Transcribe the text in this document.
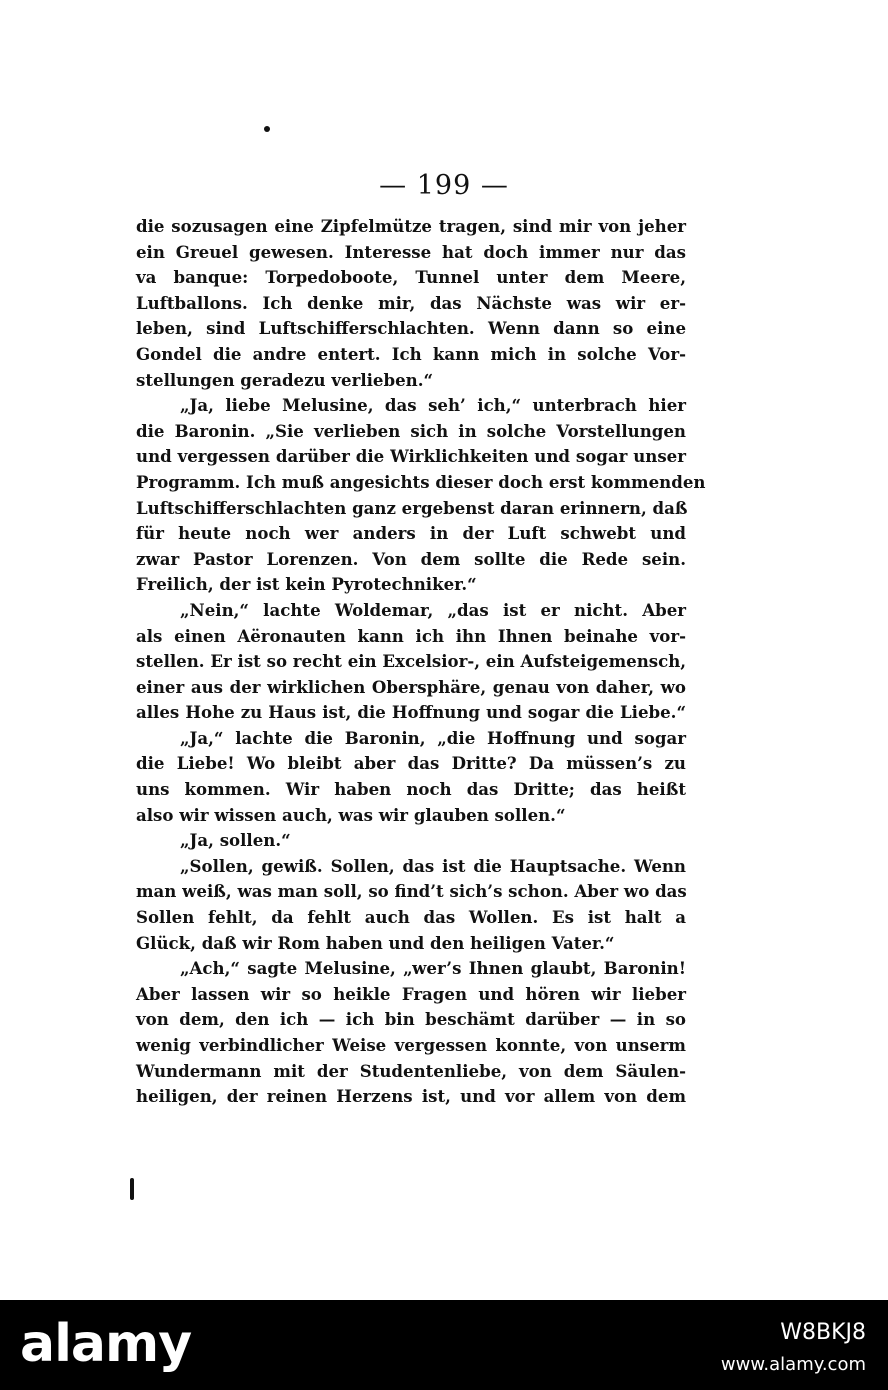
— 199 —
die sozusagen eine Zipfelmütze tragen, sind mir von jeher
ein Greuel gewesen. Interesse hat doch immer nur das
va banque: Torpedoboote, Tunnel unter dem Meere,
Luftballons. Ich denke mir, das Nächste was wir er-
leben, sind Luftschifferschlachten. Wenn dann so eine
Gondel die andre entert. Ich kann mich in solche Vor-
stellungen geradezu verlieben.“
„Ja, liebe Melusine, das seh’ ich,“ unterbrach hier
die Baronin. „Sie verlieben sich in solche Vorstellungen
und vergessen darüber die Wirklichkeiten und sogar unser
Programm. Ich muß angesichts dieser doch erst kommenden
Luftschifferschlachten ganz ergebenst daran erinnern, daß
für heute noch wer anders in der Luft schwebt und
zwar Pastor Lorenzen. Von dem sollte die Rede sein.
Freilich, der ist kein Pyrotechniker.“
„Nein,“ lachte Woldemar, „das ist er nicht. Aber
als einen Aëronauten kann ich ihn Ihnen beinahe vor-
stellen. Er ist so recht ein Excelsior-, ein Aufsteigemensch,
einer aus der wirklichen Obersphäre, genau von daher, wo
alles Hohe zu Haus ist, die Hoffnung und sogar die Liebe.“
„Ja,“ lachte die Baronin, „die Hoffnung und sogar
die Liebe! Wo bleibt aber das Dritte? Da müssen’s zu
uns kommen. Wir haben noch das Dritte; das heißt
also wir wissen auch, was wir glauben sollen.“
„Ja, sollen.“
„Sollen, gewiß. Sollen, das ist die Hauptsache. Wenn
man weiß, was man soll, so find’t sich’s schon. Aber wo das
Sollen fehlt, da fehlt auch das Wollen. Es ist halt a
Glück, daß wir Rom haben und den heiligen Vater.“
„Ach,“ sagte Melusine, „wer’s Ihnen glaubt, Baronin!
Aber lassen wir so heikle Fragen und hören wir lieber
von dem, den ich — ich bin beschämt darüber — in so
wenig verbindlicher Weise vergessen konnte, von unserm
Wundermann mit der Studentenliebe, von dem Säulen-
heiligen, der reinen Herzens ist, und vor allem von dem
alamy	W8BKJ8
www.alamy.com
